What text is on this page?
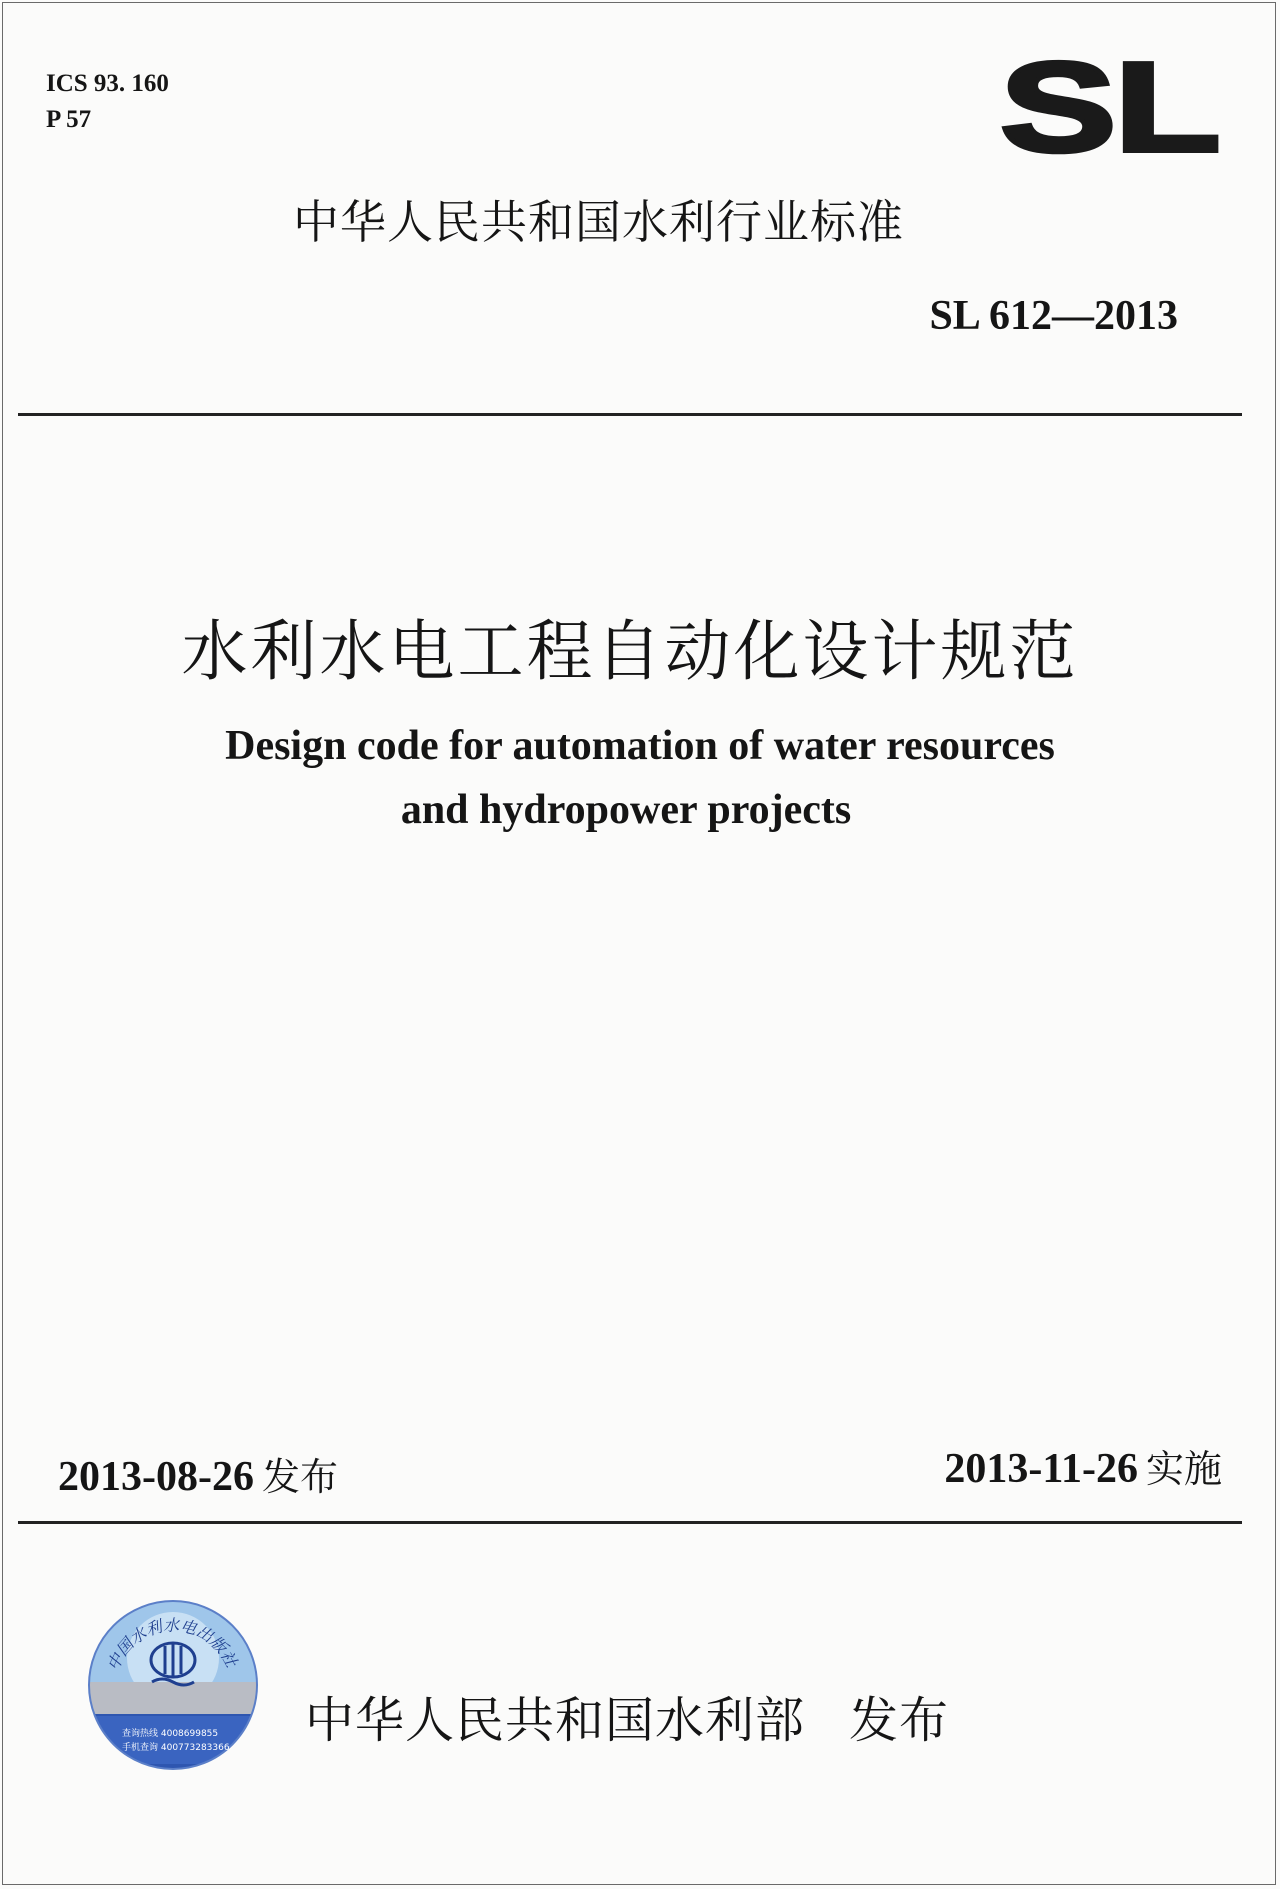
ICS 93. 160
P 57	SL
中华人民共和国水利行业标准
SL 612—2013
水利水电工程自动化设计规范
Design code for automation of water resources
and hydropower projects
2013-08-26 发布	2013-11-26 实施
中国水利水电出版社
查询热线 4008699855
手机查询 400773283366 中华人民共和国水利部 发布
